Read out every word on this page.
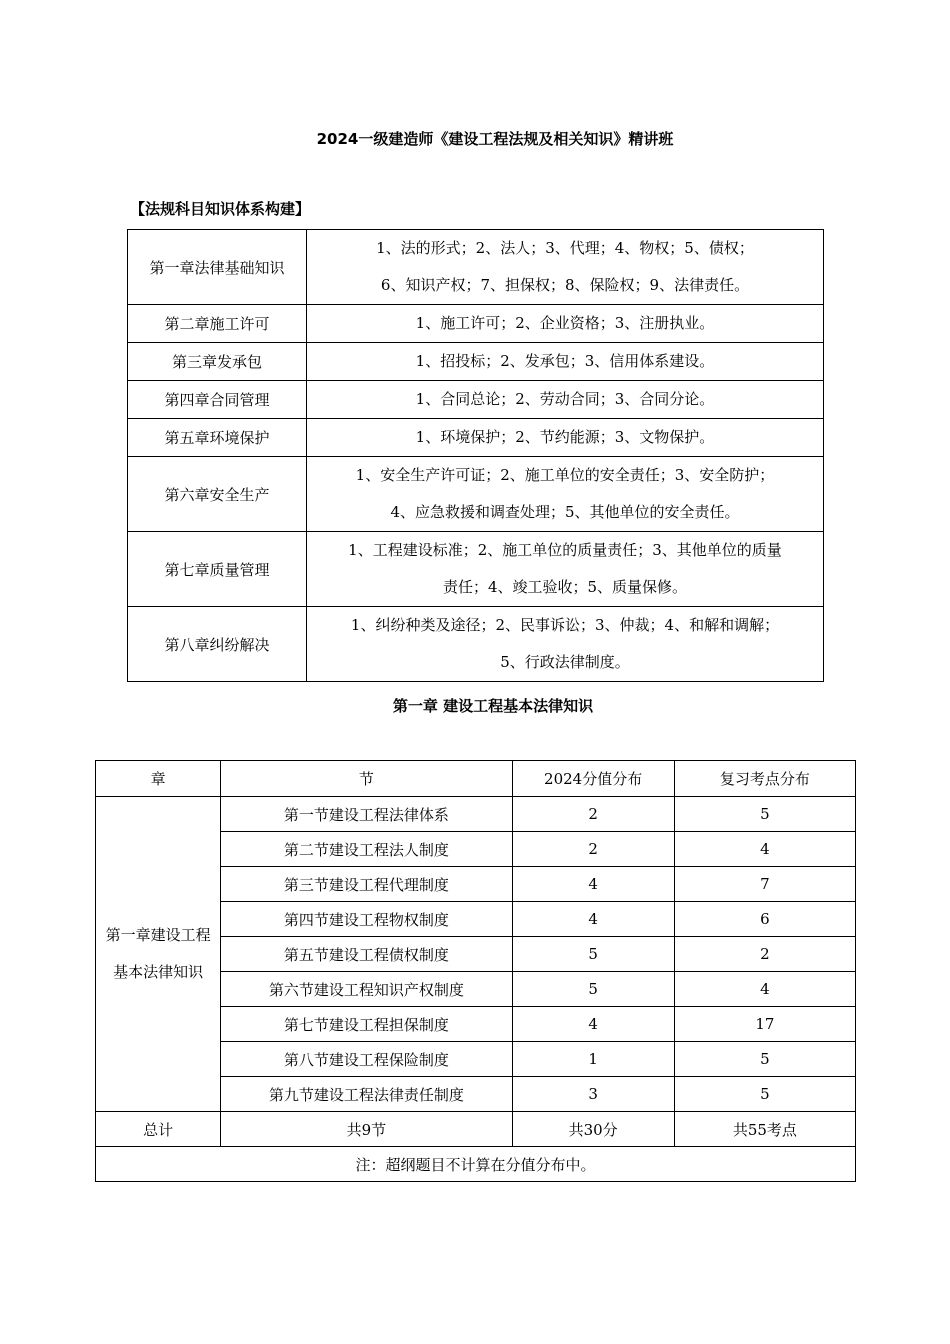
2024一级建造师《建设工程法规及相关知识》精讲班
【法规科目知识体系构建】
第一章法律基础知识	1、法的形式；2、法人；3、代理；4、物权；5、债权；
6、知识产权；7、担保权；8、保险权；9、法律责任。

第二章施工许可	1、施工许可；2、企业资格；3、注册执业。

第三章发承包	1、招投标；2、发承包；3、信用体系建设。

第四章合同管理	1、合同总论；2、劳动合同；3、合同分论。

第五章环境保护	1、环境保护；2、节约能源；3、文物保护。

第六章安全生产	1、安全生产许可证；2、施工单位的安全责任；3、安全防护；
4、应急救援和调查处理；5、其他单位的安全责任。

第七章质量管理	1、工程建设标准；2、施工单位的质量责任；3、其他单位的质量
责任；4、竣工验收；5、质量保修。

第八章纠纷解决	1、纠纷种类及途径；2、民事诉讼；3、仲裁；4、和解和调解；
5、行政法律制度。
第一章 建设工程基本法律知识
章	节	2024分值分布	复习考点分布
第一章建设工程基本法律知识	第一节建设工程法律体系	2	5
	第二节建设工程法人制度	2	4
	第三节建设工程代理制度	4	7
	第四节建设工程物权制度	4	6
	第五节建设工程债权制度	5	2
	第六节建设工程知识产权制度	5	4
	第七节建设工程担保制度	4	17
	第八节建设工程保险制度	1	5
	第九节建设工程法律责任制度	3	5
总计	共9节	共30分	共55考点
注：超纲题目不计算在分值分布中。			
